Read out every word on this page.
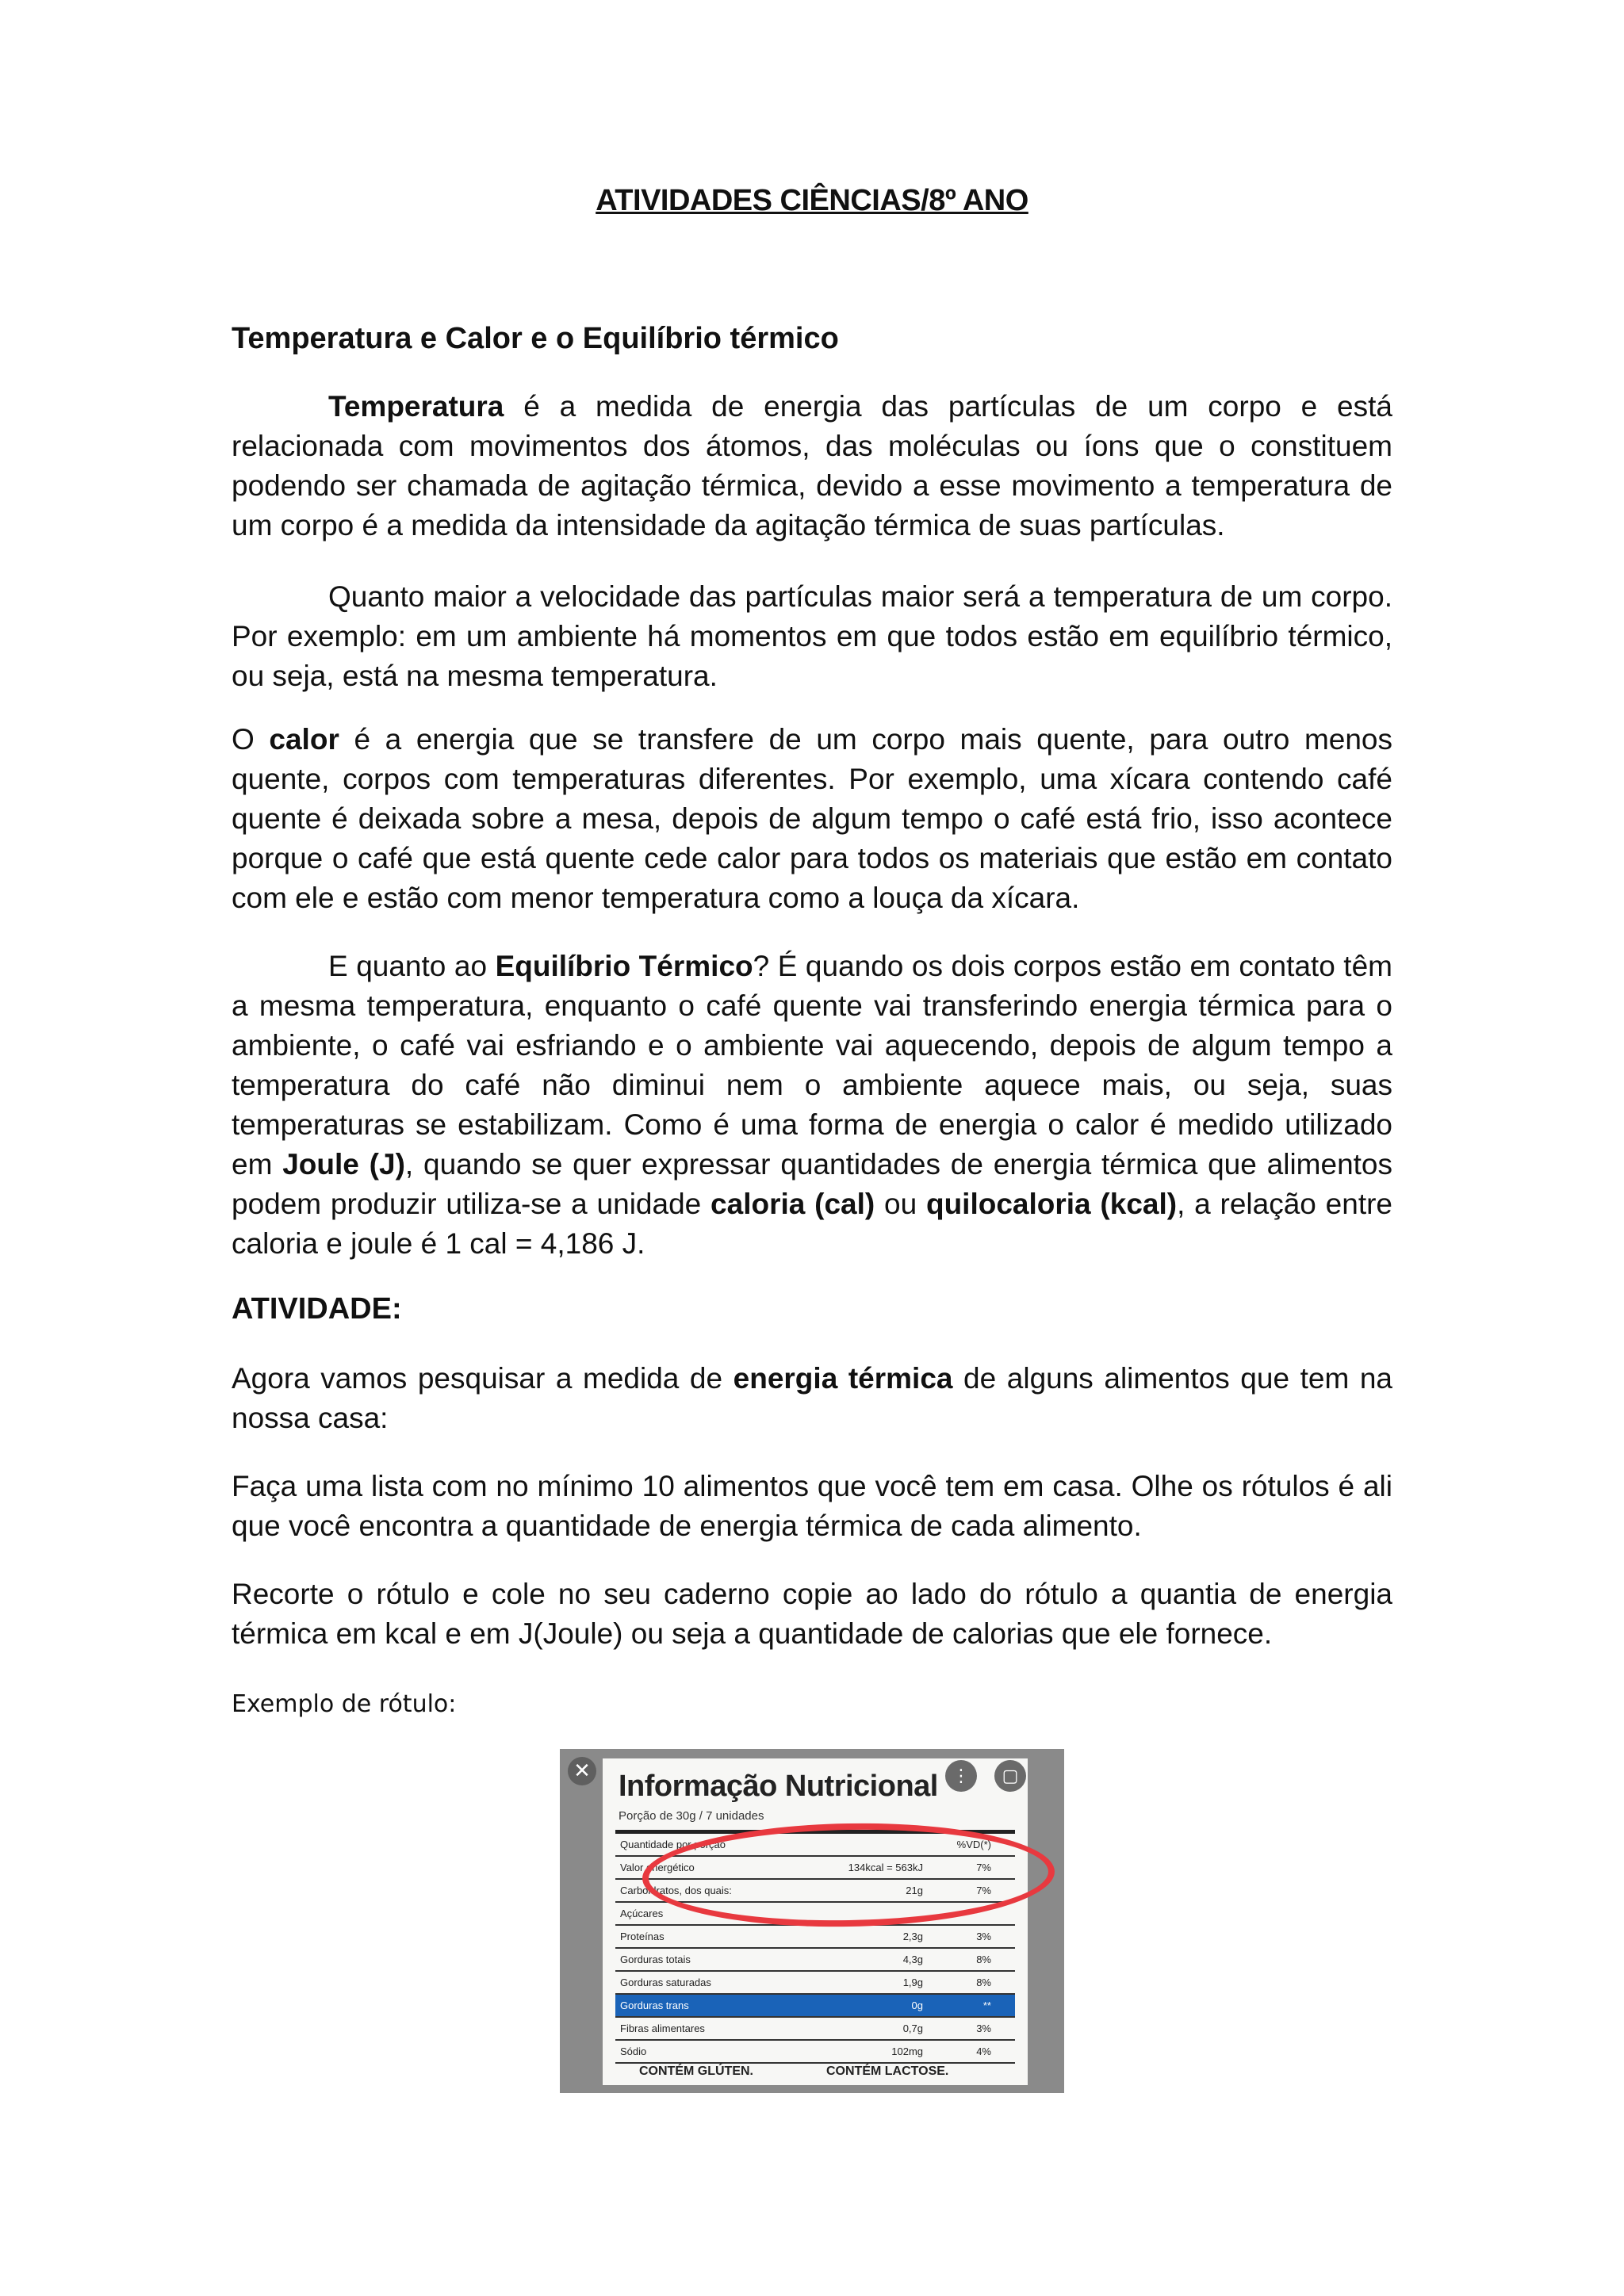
ATIVIDADES CIÊNCIAS/8º ANO
Temperatura e Calor e o Equilíbrio térmico
Temperatura é a medida de energia das partículas de um corpo e está relacionada com movimentos dos átomos, das moléculas ou íons que o constituem podendo ser chamada de agitação térmica, devido a esse movimento a temperatura de um corpo é a medida da intensidade da agitação térmica de suas partículas.
Quanto maior a velocidade das partículas maior será a temperatura de um corpo. Por exemplo: em um ambiente há momentos em que todos estão em equilíbrio térmico, ou seja, está na mesma temperatura.
O calor é a energia que se transfere de um corpo mais quente, para outro menos quente, corpos com temperaturas diferentes. Por exemplo, uma xícara contendo café quente é deixada sobre a mesa, depois de algum tempo o café está frio, isso acontece porque o café que está quente cede calor para todos os materiais que estão em contato com ele e estão com menor temperatura como a louça da xícara.
E quanto ao Equilíbrio Térmico? É quando os dois corpos estão em contato têm a mesma temperatura, enquanto o café quente vai transferindo energia térmica para o ambiente, o café vai esfriando e o ambiente vai aquecendo, depois de algum tempo a temperatura do café não diminui nem o ambiente aquece mais, ou seja, suas temperaturas se estabilizam. Como é uma forma de energia o calor é medido utilizado em Joule (J), quando se quer expressar quantidades de energia térmica que alimentos podem produzir utiliza-se a unidade caloria (cal) ou quilocaloria (kcal), a relação entre caloria e joule é 1 cal = 4,186 J.
ATIVIDADE:
Agora vamos pesquisar a medida de energia térmica de alguns alimentos que tem na nossa casa:
Faça uma lista com no mínimo 10 alimentos que você tem em casa. Olhe os rótulos é ali que você encontra a quantidade de energia térmica de cada alimento.
Recorte o rótulo e cole no seu caderno copie ao lado do rótulo a quantia de energia térmica em kcal e em J(Joule) ou seja a quantidade de calorias que ele fornece.
Exemplo de rótulo:
✕ Informação Nutricional
Porção de 30g / 7 unidades
Quantidade por porção	%VD(*)
Valor energético	134kcal = 563kJ	7%
Carboidratos, dos quais:	21g	7%
Açúcares
Proteínas	2,3g	3%
Gorduras totais	4,3g	8%
Gorduras saturadas	1,9g	8%
Gorduras trans	0g	**
Fibras alimentares	0,7g	3%
Sódio	102mg	4%
CONTÉM GLÚTEN.	CONTÉM LACTOSE.
⋮	▢
